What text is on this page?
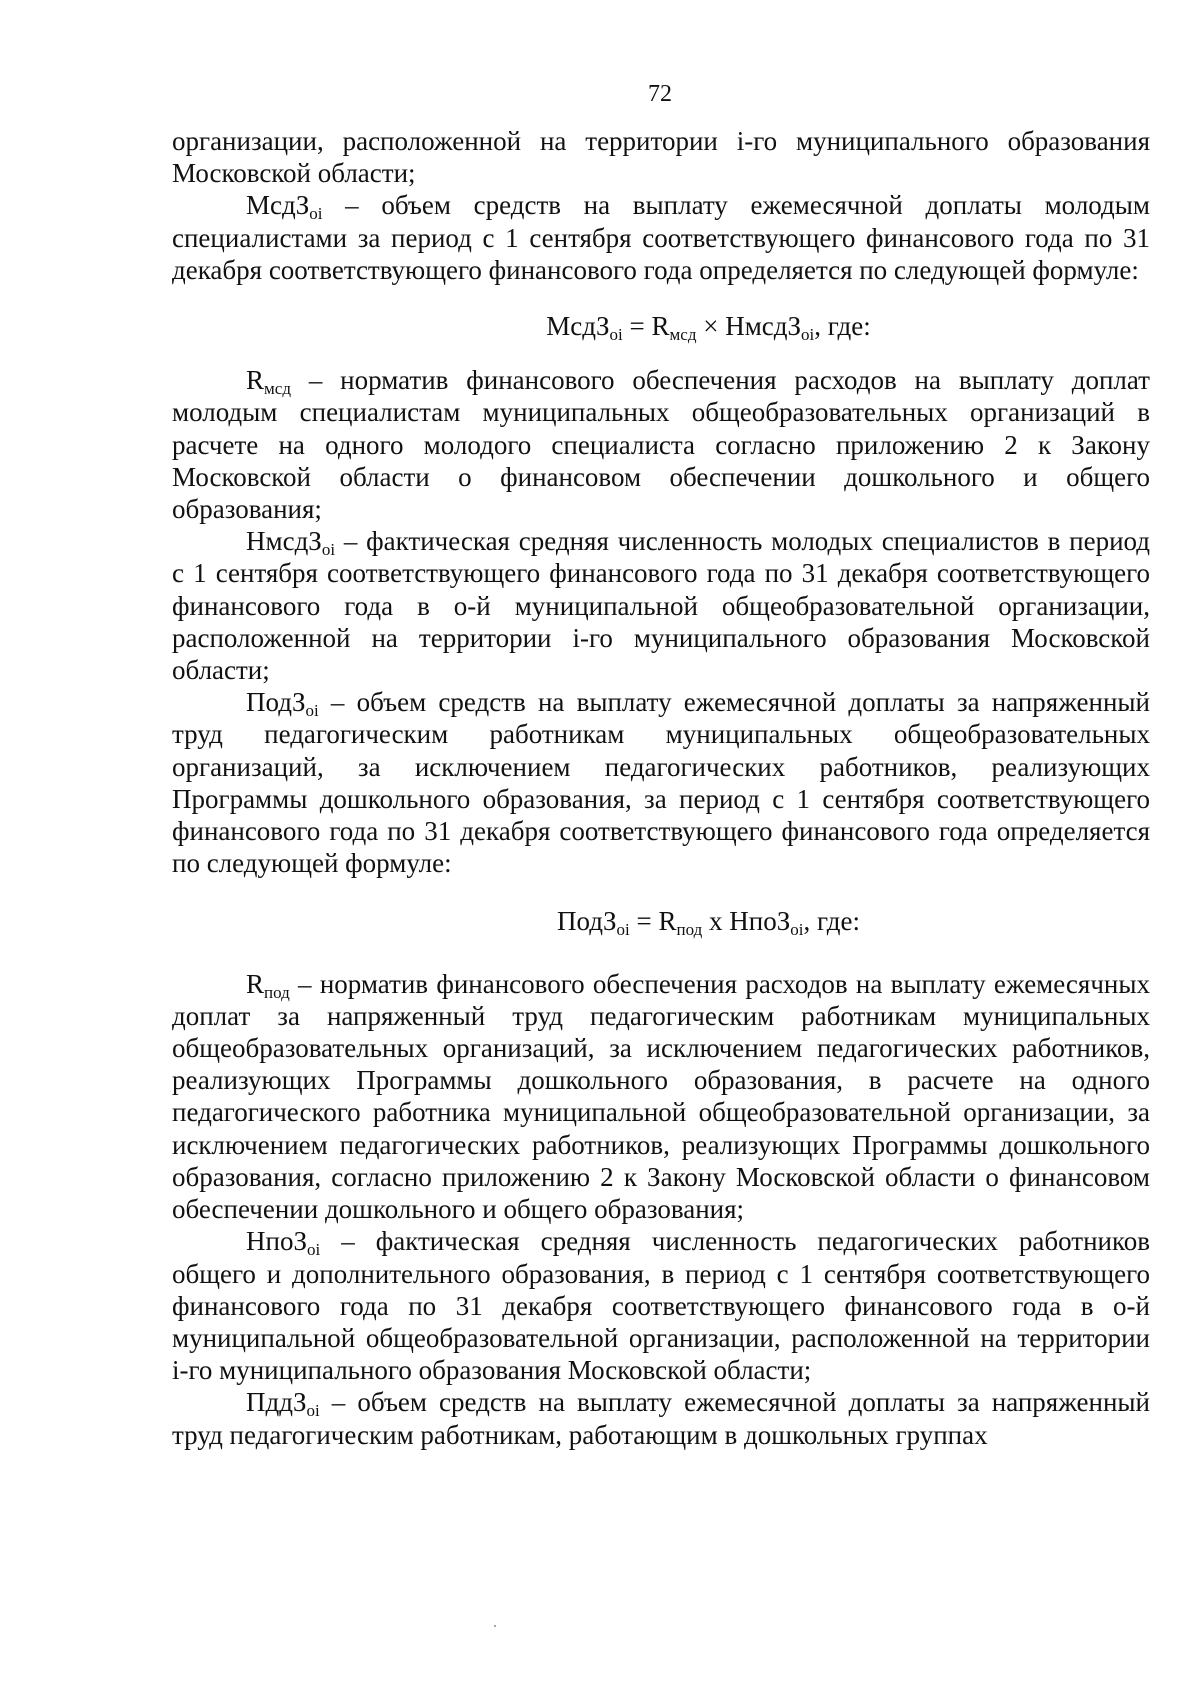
72

организации, расположенной на территории i-го муниципального образования Московской области;

МсдЗ$_{oi}$ – объем средств на выплату ежемесячной доплаты молодым специалистами за период с 1 сентября соответствующего финансового года по 31 декабря соответствующего финансового года определяется по следующей формуле:

МсдЗ$_{oi}$ = $R_{мсд}$ × НмсдЗ$_{oi}$, где:

$R_{мсд}$ – норматив финансового обеспечения расходов на выплату доплат молодым специалистам муниципальных общеобразовательных организаций в расчете на одного молодого специалиста согласно приложению 2 к Закону Московской области о финансовом обеспечении дошкольного и общего образования;

НмсдЗ$_{oi}$ – фактическая средняя численность молодых специалистов в период с 1 сентября соответствующего финансового года по 31 декабря соответствующего финансового года в о-й муниципальной общеобразовательной организации, расположенной на территории i-го муниципального образования Московской области;

ПодЗ$_{oi}$ – объем средств на выплату ежемесячной доплаты за напряженный труд педагогическим работникам муниципальных общеобразовательных организаций, за исключением педагогических работников, реализующих Программы дошкольного образования, за период с 1 сентября соответствующего финансового года по 31 декабря соответствующего финансового года определяется по следующей формуле:

ПодЗ$_{oi}$ = $R_{под}$ х НпоЗ$_{oi}$, где:

$R_{под}$ – норматив финансового обеспечения расходов на выплату ежемесячных доплат за напряженный труд педагогическим работникам муниципальных общеобразовательных организаций, за исключением педагогических работников, реализующих Программы дошкольного образования, в расчете на одного педагогического работника муниципальной общеобразовательной организации, за исключением педагогических работников, реализующих Программы дошкольного образования, согласно приложению 2 к Закону Московской области о финансовом обеспечении дошкольного и общего образования;

НпоЗ$_{oi}$ – фактическая средняя численность педагогических работников общего и дополнительного образования, в период с 1 сентября соответствующего финансового года по 31 декабря соответствующего финансового года в о-й муниципальной общеобразовательной организации, расположенной на территории i-го муниципального образования Московской области;

ПддЗ$_{oi}$ – объем средств на выплату ежемесячной доплаты за напряженный труд педагогическим работникам, работающим в дошкольных группах
